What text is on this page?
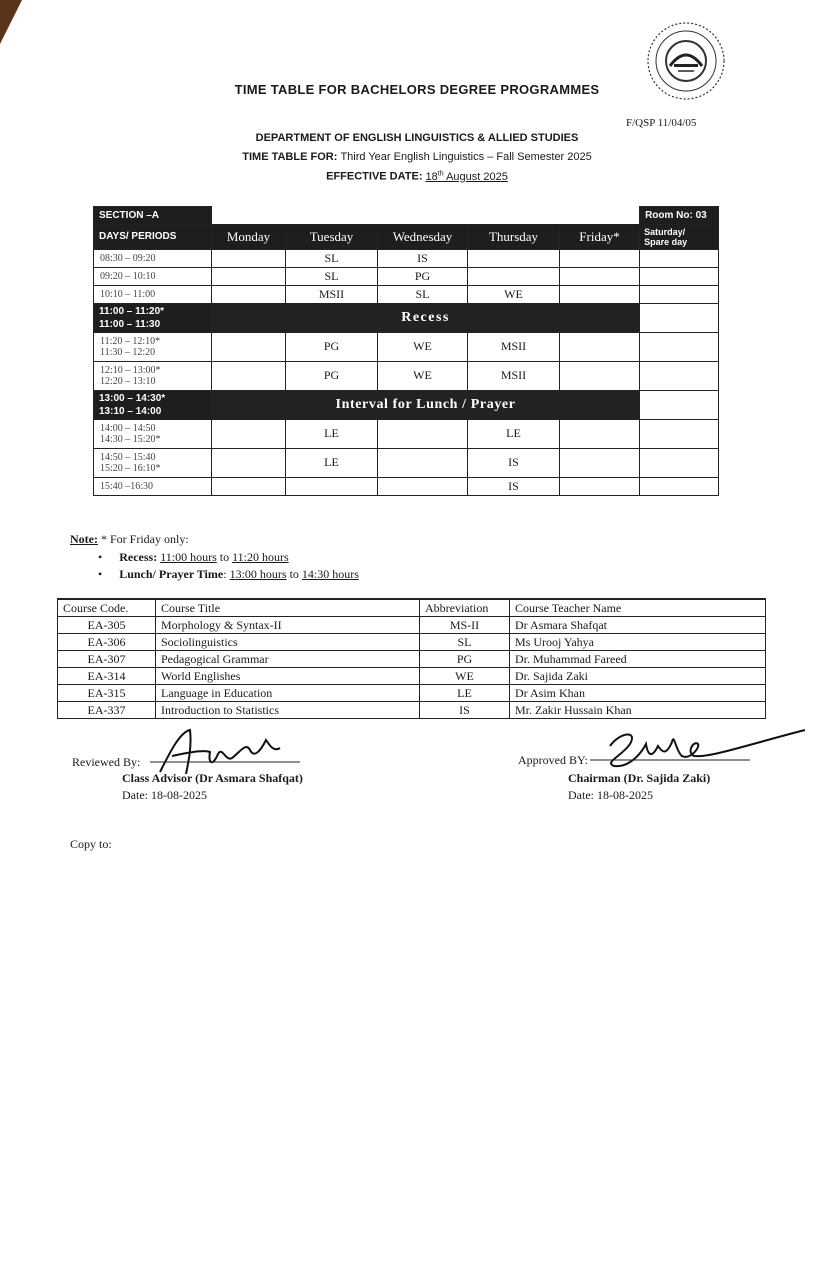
TIME TABLE FOR BACHELORS DEGREE PROGRAMMES
F/QSP 11/04/05
DEPARTMENT OF ENGLISH LINGUISTICS & ALLIED STUDIES
TIME TABLE FOR: Third Year English Linguistics – Fall Semester 2025
EFFECTIVE DATE: 18th August 2025
SECTION –A						Room No: 03
DAYS/ PERIODS	Monday	Tuesday	Wednesday	Thursday	Friday*	Saturday/
Spare day
08:30 – 09:20		SL	IS			
09:20 – 10:10		SL	PG			
10:10 – 11:00		MSII	SL	WE		
11:00 – 11:20*
11:00 – 11:30	Recess					
11:20 – 12:10*
11:30 – 12:20		PG	WE	MSII		
12:10 – 13:00*
12:20 – 13:10		PG	WE	MSII		
13:00 – 14:30*
13:10 – 14:00	Interval for Lunch / Prayer					
14:00 – 14:50
14:30 – 15:20*		LE		LE		
14:50 – 15:40
15:20 – 16:10*		LE		IS		
15:40 –16:30				IS		
Note: * For Friday only:
• Recess: 11:00 hours to 11:20 hours
• Lunch/ Prayer Time: 13:00 hours to 14:30 hours
Course Code.	Course Title	Abbreviation	Course Teacher Name
EA-305	Morphology & Syntax-II	MS-II	Dr Asmara Shafqat
EA-306	Sociolinguistics	SL	Ms Urooj Yahya
EA-307	Pedagogical Grammar	PG	Dr. Muhammad Fareed
EA-314	World Englishes	WE	Dr. Sajida Zaki
EA-315	Language in Education	LE	Dr Asim Khan
EA-337	Introduction to Statistics	IS	Mr. Zakir Hussain Khan
Reviewed By:
Class Advisor (Dr Asmara Shafqat)
Date: 18-08-2025
Approved BY:
Chairman (Dr. Sajida Zaki)
Date: 18-08-2025
Copy to:
